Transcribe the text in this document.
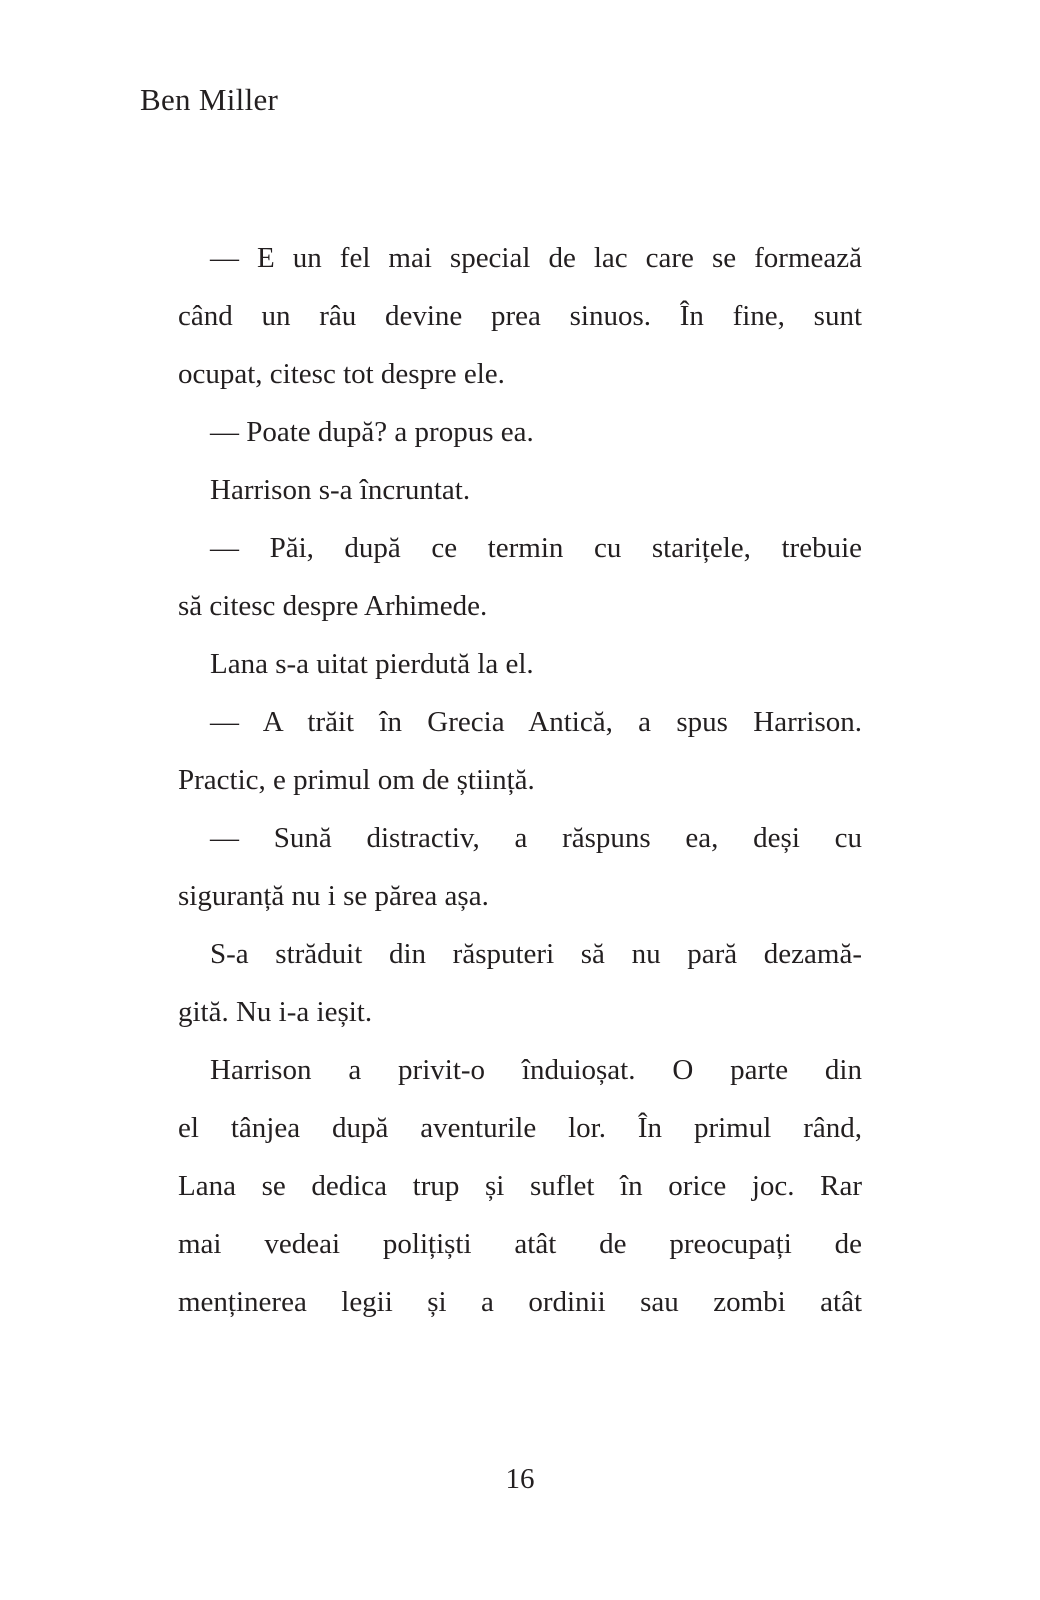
Ben Miller
— E un fel mai special de lac care se formează
când un râu devine prea sinuos. În fine, sunt
ocupat, citesc tot despre ele.
— Poate după? a propus ea.
Harrison s-a încruntat.
— Păi, după ce termin cu starițele, trebuie
să citesc despre Arhimede.
Lana s-a uitat pierdută la el.
— A trăit în Grecia Antică, a spus Harrison.
Practic, e primul om de știință.
— Sună distractiv, a răspuns ea, deși cu
siguranță nu i se părea așa.
S-a străduit din răsputeri să nu pară dezamă-
gită. Nu i-a ieșit.
Harrison a privit-o înduioșat. O parte din
el tânjea după aventurile lor. În primul rând,
Lana se dedica trup și suflet în orice joc. Rar
mai vedeai polițiști atât de preocupați de
menținerea legii și a ordinii sau zombi atât
16
